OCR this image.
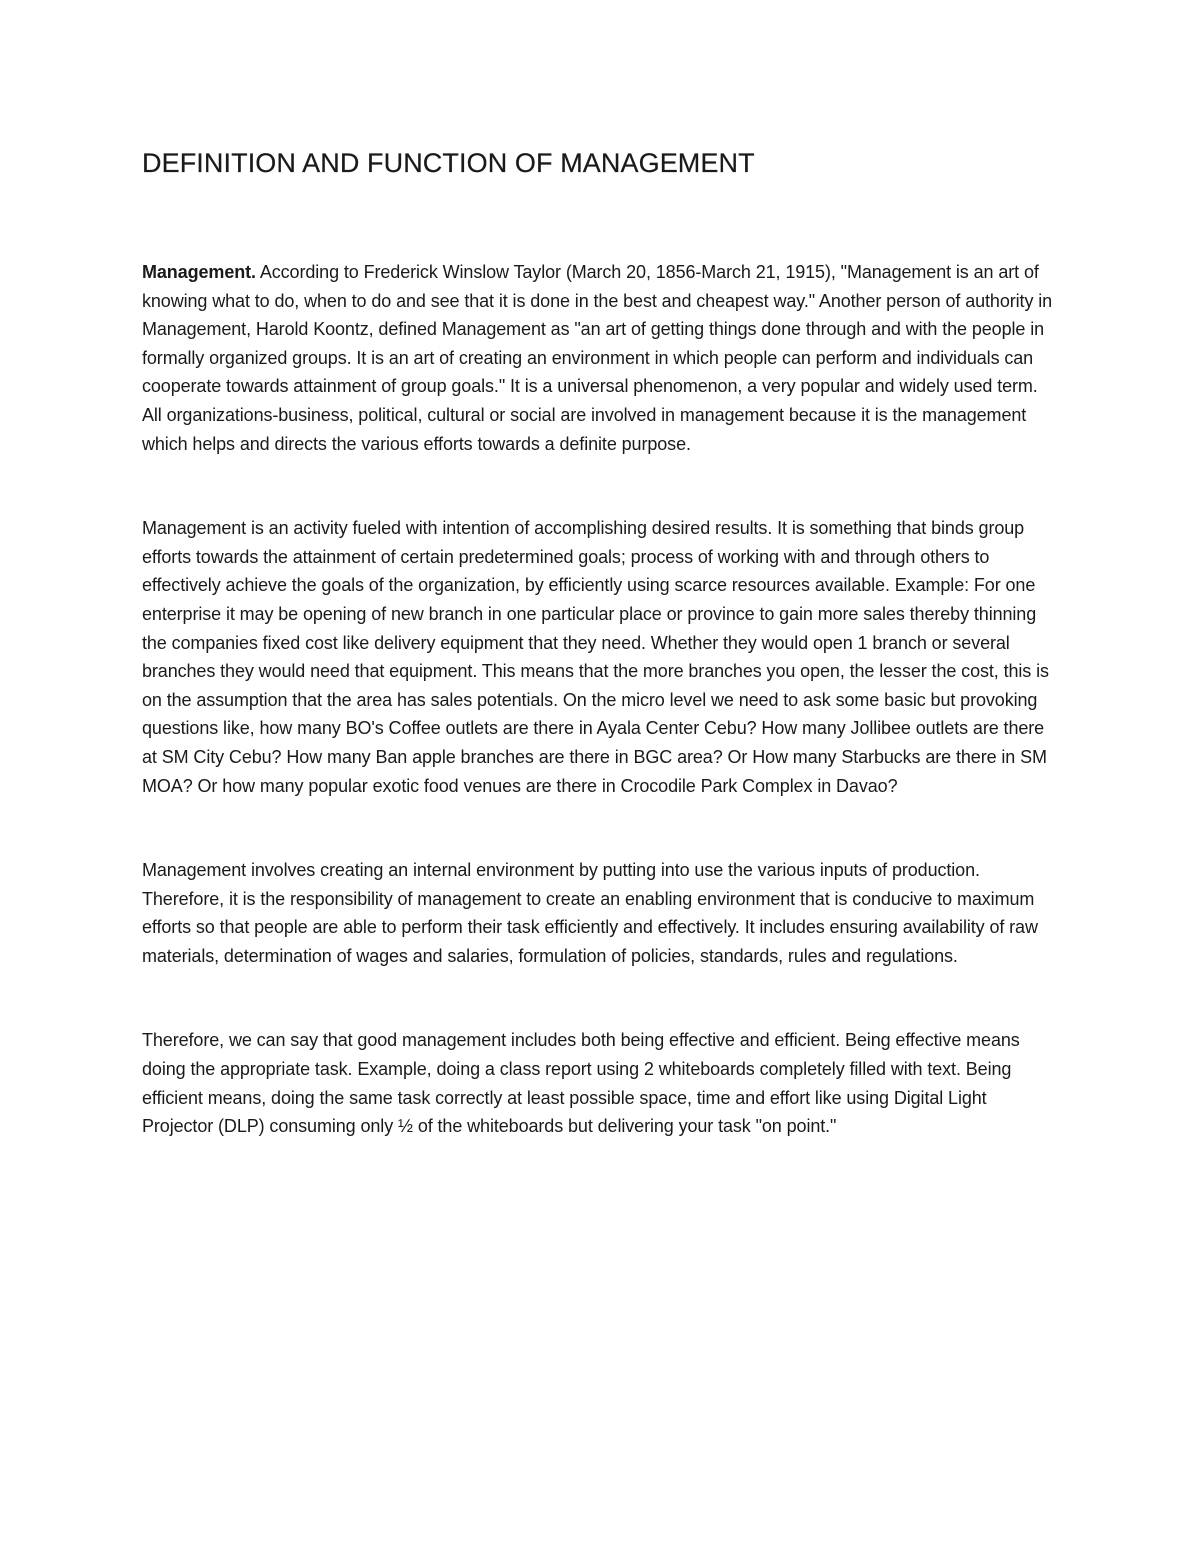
DEFINITION AND FUNCTION OF MANAGEMENT

Management. According to Frederick Winslow Taylor (March 20, 1856-March 21, 1915), "Management is an art of knowing what to do, when to do and see that it is done in the best and cheapest way." Another person of authority in Management, Harold Koontz, defined Management as "an art of getting things done through and with the people in formally organized groups. It is an art of creating an environment in which people can perform and individuals can cooperate towards attainment of group goals." It is a universal phenomenon, a very popular and widely used term. All organizations-business, political, cultural or social are involved in management because it is the management which helps and directs the various efforts towards a definite purpose.

Management is an activity fueled with intention of accomplishing desired results. It is something that binds group efforts towards the attainment of certain predetermined goals; process of working with and through others to effectively achieve the goals of the organization, by efficiently using scarce resources available. Example: For one enterprise it may be opening of new branch in one particular place or province to gain more sales thereby thinning the companies fixed cost like delivery equipment that they need. Whether they would open 1 branch or several branches they would need that equipment. This means that the more branches you open, the lesser the cost, this is on the assumption that the area has sales potentials. On the micro level we need to ask some basic but provoking questions like, how many BO's Coffee outlets are there in Ayala Center Cebu? How many Jollibee outlets are there at SM City Cebu? How many Ban apple branches are there in BGC area? Or How many Starbucks are there in SM MOA? Or how many popular exotic food venues are there in Crocodile Park Complex in Davao?

Management involves creating an internal environment by putting into use the various inputs of production. Therefore, it is the responsibility of management to create an enabling environment that is conducive to maximum efforts so that people are able to perform their task efficiently and effectively. It includes ensuring availability of raw materials, determination of wages and salaries, formulation of policies, standards, rules and regulations.

Therefore, we can say that good management includes both being effective and efficient. Being effective means doing the appropriate task. Example, doing a class report using 2 whiteboards completely filled with text. Being efficient means, doing the same task correctly at least possible space, time and effort like using Digital Light Projector (DLP) consuming only ½ of the whiteboards but delivering your task "on point."
